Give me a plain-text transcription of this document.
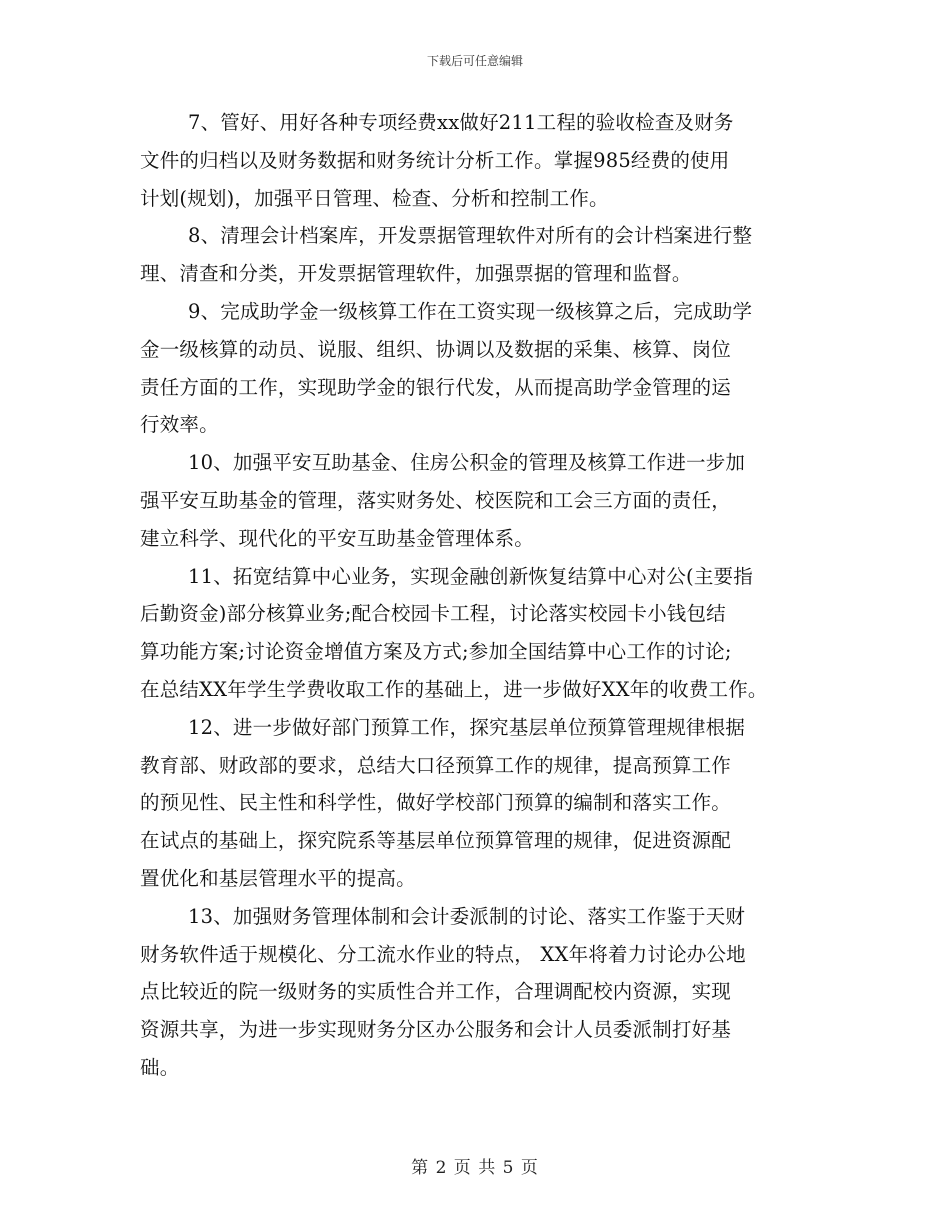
下载后可任意编辑
7、管好、用好各种专项经费xx做好211工程的验收检查及财务
文件的归档以及财务数据和财务统计分析工作。掌握985经费的使用
计划(规划)，加强平日管理、检查、分析和控制工作。
8、清理会计档案库，开发票据管理软件对所有的会计档案进行整
理、清查和分类，开发票据管理软件，加强票据的管理和监督。
9、完成助学金一级核算工作在工资实现一级核算之后，完成助学
金一级核算的动员、说服、组织、协调以及数据的采集、核算、岗位
责任方面的工作，实现助学金的银行代发，从而提高助学金管理的运
行效率。
10、加强平安互助基金、住房公积金的管理及核算工作进一步加
强平安互助基金的管理，落实财务处、校医院和工会三方面的责任，
建立科学、现代化的平安互助基金管理体系。
11、拓宽结算中心业务，实现金融创新恢复结算中心对公(主要指
后勤资金)部分核算业务;配合校园卡工程，讨论落实校园卡小钱包结
算功能方案;讨论资金增值方案及方式;参加全国结算中心工作的讨论;
在总结XX年学生学费收取工作的基础上，进一步做好XX年的收费工作。
12、进一步做好部门预算工作，探究基层单位预算管理规律根据
教育部、财政部的要求，总结大口径预算工作的规律，提高预算工作
的预见性、民主性和科学性，做好学校部门预算的编制和落实工作。
在试点的基础上，探究院系等基层单位预算管理的规律，促进资源配
置优化和基层管理水平的提高。
13、加强财务管理体制和会计委派制的讨论、落实工作鉴于天财
财务软件适于规模化、分工流水作业的特点， XX年将着力讨论办公地
点比较近的院一级财务的实质性合并工作，合理调配校内资源，实现
资源共享，为进一步实现财务分区办公服务和会计人员委派制打好基
础。
第 2 页 共 5 页
